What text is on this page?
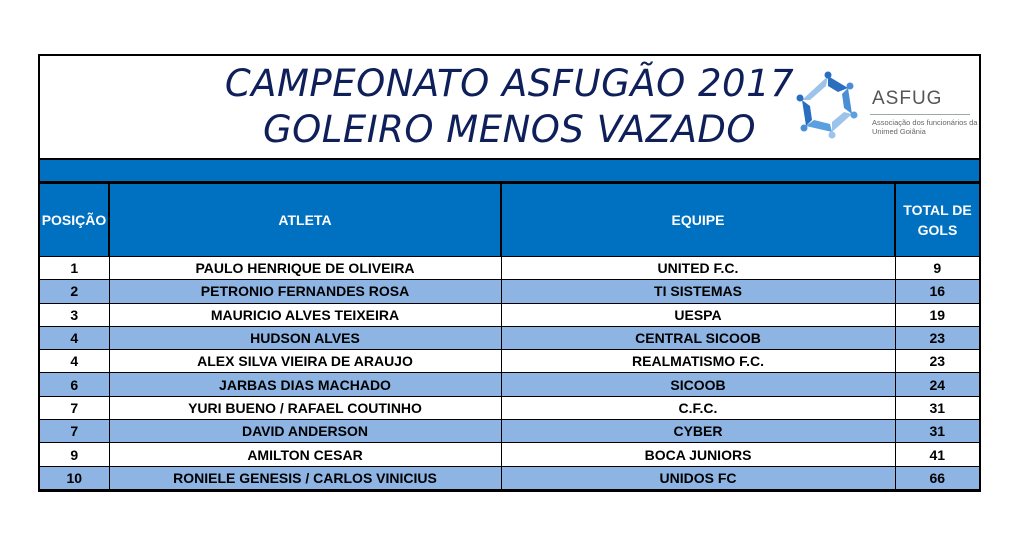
CAMPEONATO ASFUGÃO 2017
GOLEIRO MENOS VAZADO
ASFUG
Associação dos funcionários da Unimed Goiânia
POSIÇÃO	ATLETA	EQUIPE	TOTAL DE
GOLS
1	PAULO HENRIQUE DE OLIVEIRA	UNITED F.C.	9
2	PETRONIO FERNANDES ROSA	TI SISTEMAS	16
3	MAURICIO ALVES TEIXEIRA	UESPA	19
4	HUDSON ALVES	CENTRAL SICOOB	23
4	ALEX SILVA VIEIRA DE ARAUJO	REALMATISMO F.C.	23
6	JARBAS DIAS MACHADO	SICOOB	24
7	YURI BUENO / RAFAEL COUTINHO	C.F.C.	31
7	DAVID ANDERSON	CYBER	31
9	AMILTON CESAR	BOCA JUNIORS	41
10	RONIELE GENESIS / CARLOS VINICIUS	UNIDOS FC	66
